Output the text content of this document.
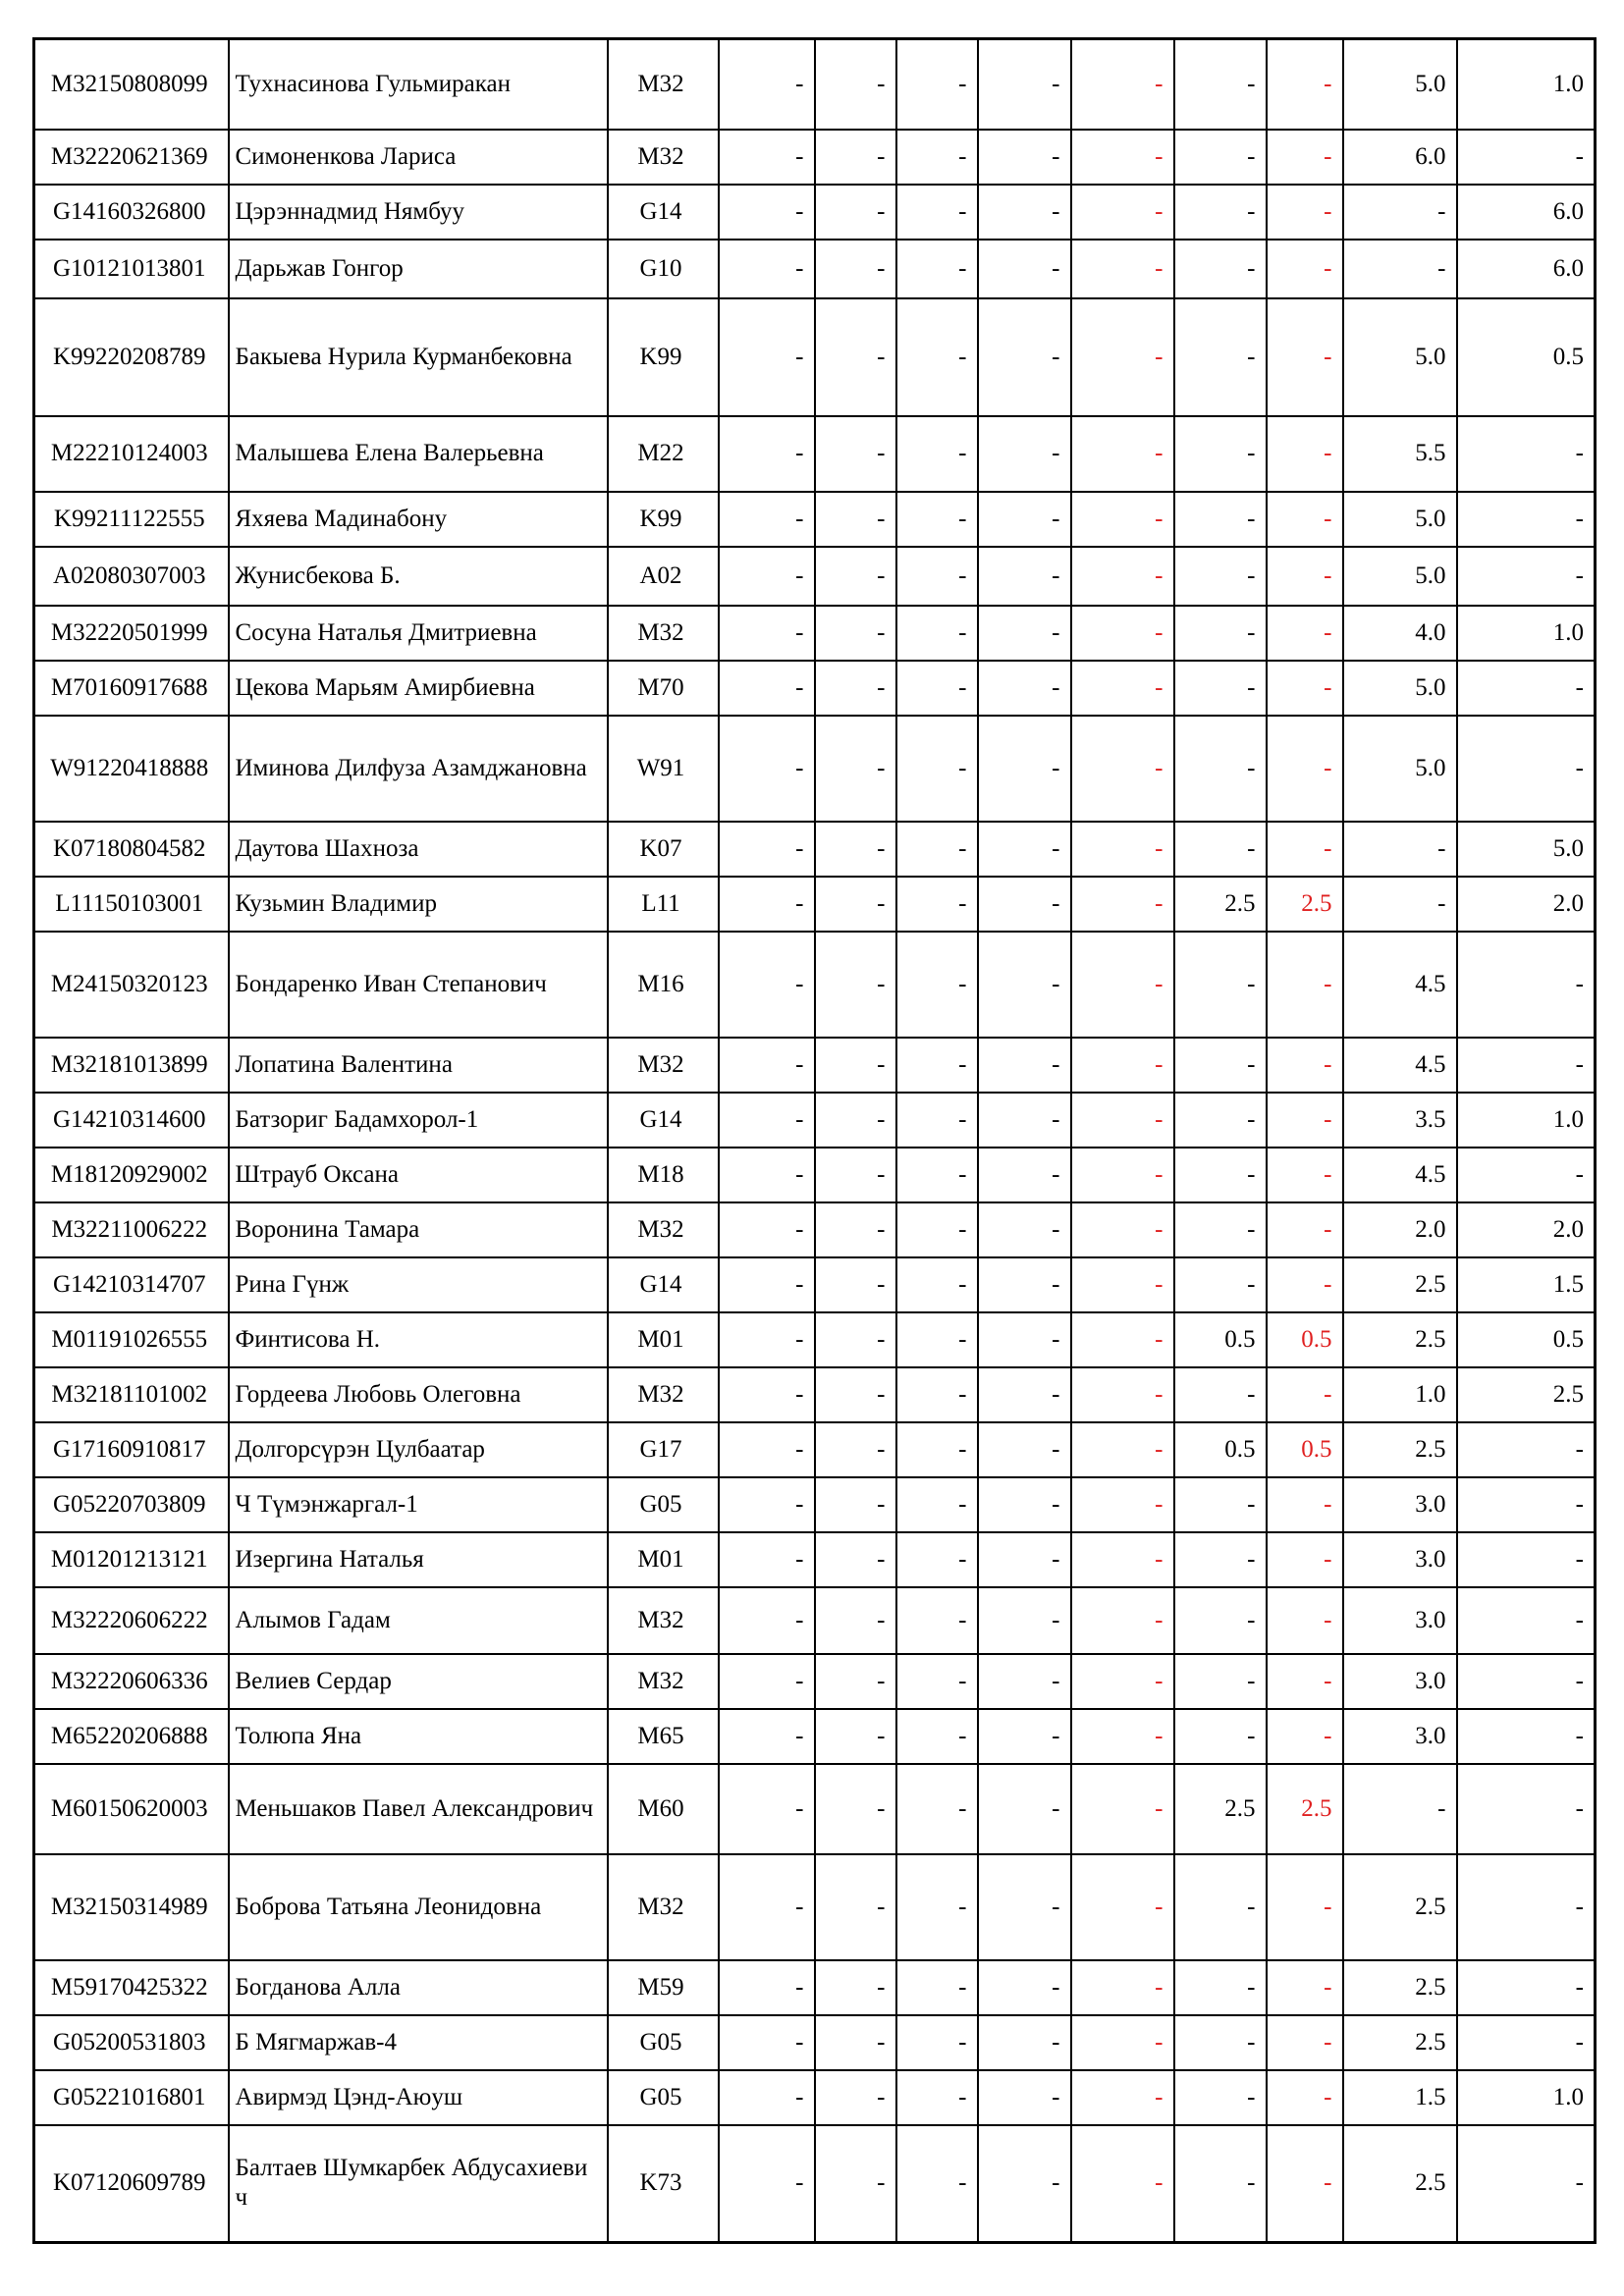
M32150808099	Тухнасинова Гульмиракан	M32	-	-	-	-	-	-	-	5.0	1.0
M32220621369	Симоненкова Лариса	M32	-	-	-	-	-	-	-	6.0	-
G14160326800	Цэрэннадмид Нямбуу	G14	-	-	-	-	-	-	-	-	6.0
G10121013801	Дарьжав Гонгор	G10	-	-	-	-	-	-	-	-	6.0
K99220208789	Бакыева Нурила Курманбековна	K99	-	-	-	-	-	-	-	5.0	0.5
M22210124003	Малышева Елена Валерьевна	M22	-	-	-	-	-	-	-	5.5	-
K99211122555	Яхяева Мадинабону	K99	-	-	-	-	-	-	-	5.0	-
A02080307003	Жунисбекова Б.	A02	-	-	-	-	-	-	-	5.0	-
M32220501999	Сосуна Наталья Дмитриевна	M32	-	-	-	-	-	-	-	4.0	1.0
M70160917688	Цекова Марьям Амирбиевна	M70	-	-	-	-	-	-	-	5.0	-
W91220418888	Иминова Дилфуза Азамджановна	W91	-	-	-	-	-	-	-	5.0	-
K07180804582	Даутова Шахноза	K07	-	-	-	-	-	-	-	-	5.0
L11150103001	Кузьмин Владимир	L11	-	-	-	-	-	2.5	2.5	-	2.0
M24150320123	Бондаренко Иван Степанович	M16	-	-	-	-	-	-	-	4.5	-
M32181013899	Лопатина Валентина	M32	-	-	-	-	-	-	-	4.5	-
G14210314600	Батзориг Бадамхорол-1	G14	-	-	-	-	-	-	-	3.5	1.0
M18120929002	Штрауб Оксана	M18	-	-	-	-	-	-	-	4.5	-
M32211006222	Воронина Тамара	M32	-	-	-	-	-	-	-	2.0	2.0
G14210314707	Рина Гүнж	G14	-	-	-	-	-	-	-	2.5	1.5
M01191026555	Финтисова Н.	M01	-	-	-	-	-	0.5	0.5	2.5	0.5
M32181101002	Гордеева Любовь Олеговна	M32	-	-	-	-	-	-	-	1.0	2.5
G17160910817	Долгорсүрэн Цулбаатар	G17	-	-	-	-	-	0.5	0.5	2.5	-
G05220703809	Ч Түмэнжаргал-1	G05	-	-	-	-	-	-	-	3.0	-
M01201213121	Изергина Наталья	M01	-	-	-	-	-	-	-	3.0	-
M32220606222	Алымов Гадам	M32	-	-	-	-	-	-	-	3.0	-
M32220606336	Велиев Сердар	M32	-	-	-	-	-	-	-	3.0	-
M65220206888	Толюпа Яна	M65	-	-	-	-	-	-	-	3.0	-
M60150620003	Меньшаков Павел Александрович	M60	-	-	-	-	-	2.5	2.5	-	-
M32150314989	Боброва Татьяна Леонидовна	M32	-	-	-	-	-	-	-	2.5	-
M59170425322	Богданова Алла	M59	-	-	-	-	-	-	-	2.5	-
G05200531803	Б Мягмаржав-4	G05	-	-	-	-	-	-	-	2.5	-
G05221016801	Авирмэд Цэнд-Аюуш	G05	-	-	-	-	-	-	-	1.5	1.0
K07120609789	Балтаев Шумкарбек Абдусахиевич	K73	-	-	-	-	-	-	-	2.5	-
